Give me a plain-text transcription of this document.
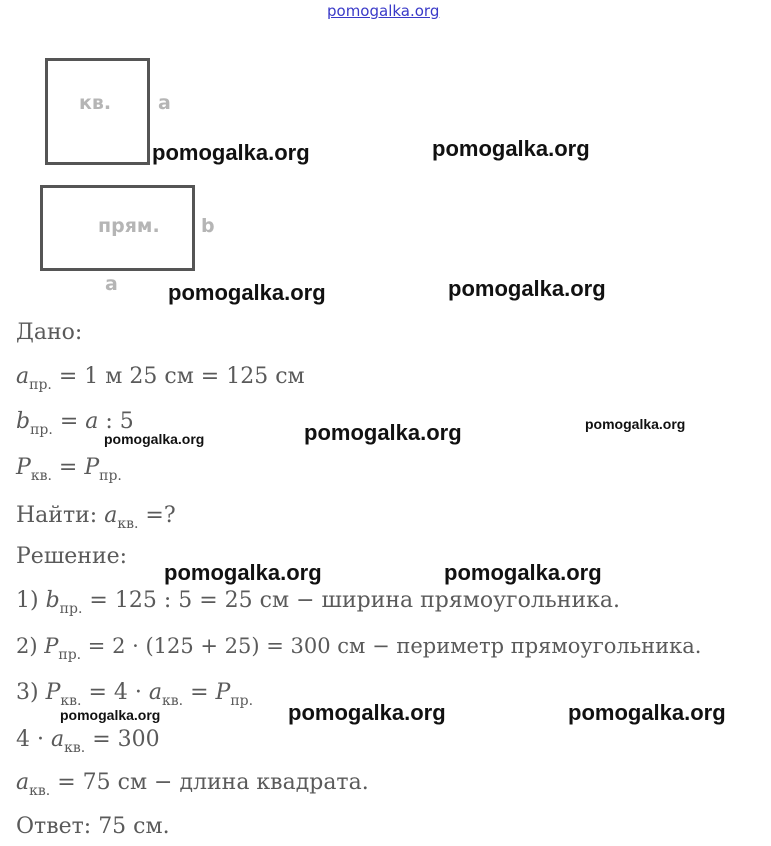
pomogalka.org
кв. a
прям. b
a
pomogalka.org	pomogalka.org
pomogalka.org	pomogalka.org
pomogalka.org	pomogalka.org	pomogalka.org
pomogalka.org	pomogalka.org
pomogalka.org	pomogalka.org	pomogalka.org
Дано:
$a_{пр.} = 1$ м 25 см = 125 см
$b_{пр.} = a$ : 5
$P_{кв.} = P_{пр.}$
Найти: $a_{кв.}$ =?
Решение:
1) $b_{пр.} = 125$ : 5 = 25 см − ширина прямоугольника.
2) $P_{пр.} = 2 \cdot (125 + 25) = 300$ см − периметр прямоугольника.
3) $P_{кв.} = 4 \cdot a_{кв.} = P_{пр.}$
$4 \cdot a_{кв.} = 300$
$a_{кв.} = 75$ см − длина квадрата.
Ответ: 75 см.
